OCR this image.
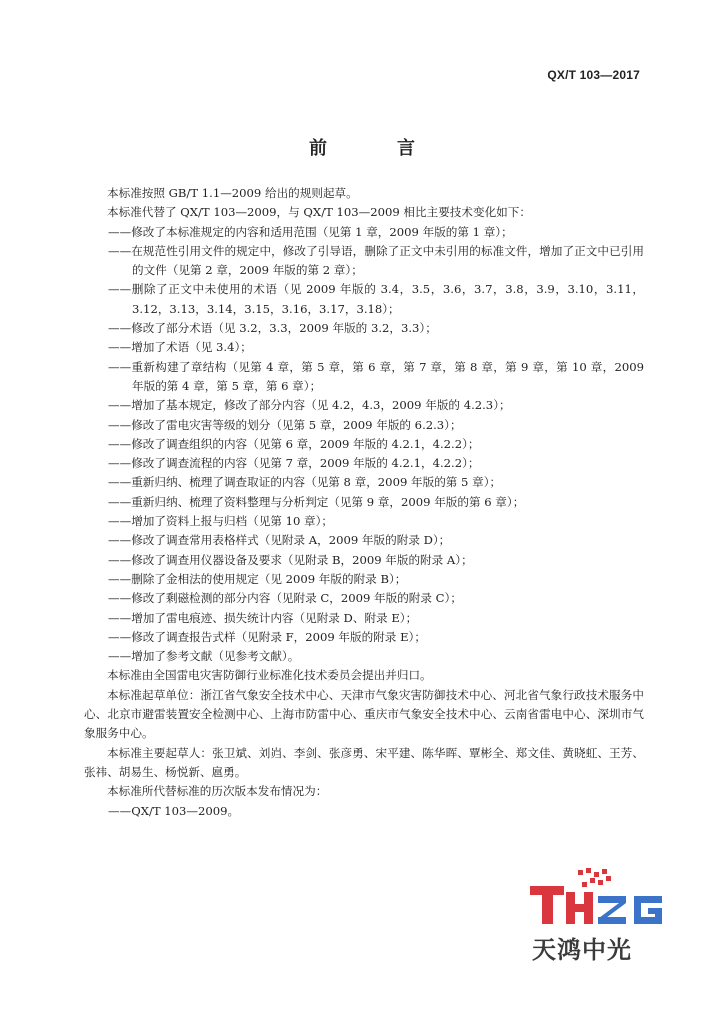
QX/T 103—2017
前　言

本标准按照 GB/T 1.1—2009 给出的规则起草。

本标准代替了 QX/T 103—2009，与 QX/T 103—2009 相比主要技术变化如下：

——修改了本标准规定的内容和适用范围（见第 1 章，2009 年版的第 1 章）；

——在规范性引用文件的规定中，修改了引导语，删除了正文中未引用的标准文件，增加了正文中已引用的文件（见第 2 章，2009 年版的第 2 章）；

——删除了正文中未使用的术语（见 2009 年版的 3.4，3.5，3.6，3.7，3.8，3.9，3.10，3.11，3.12，3.13，3.14，3.15，3.16，3.17，3.18）；

——修改了部分术语（见 3.2，3.3，2009 年版的 3.2，3.3）；

——增加了术语（见 3.4）；

——重新构建了章结构（见第 4 章，第 5 章，第 6 章，第 7 章，第 8 章，第 9 章，第 10 章，2009 年版的第 4 章，第 5 章，第 6 章）；

——增加了基本规定，修改了部分内容（见 4.2，4.3，2009 年版的 4.2.3）；

——修改了雷电灾害等级的划分（见第 5 章，2009 年版的 6.2.3）；

——修改了调查组织的内容（见第 6 章，2009 年版的 4.2.1，4.2.2）；

——修改了调查流程的内容（见第 7 章，2009 年版的 4.2.1，4.2.2）；

——重新归纳、梳理了调查取证的内容（见第 8 章，2009 年版的第 5 章）；

——重新归纳、梳理了资料整理与分析判定（见第 9 章，2009 年版的第 6 章）；

——增加了资料上报与归档（见第 10 章）；

——修改了调查常用表格样式（见附录 A，2009 年版的附录 D）；

——修改了调查用仪器设备及要求（见附录 B，2009 年版的附录 A）；

——删除了金相法的使用规定（见 2009 年版的附录 B）；

——修改了剩磁检测的部分内容（见附录 C，2009 年版的附录 C）；

——增加了雷电痕迹、损失统计内容（见附录 D、附录 E）；

——修改了调查报告式样（见附录 F，2009 年版的附录 E）；

——增加了参考文献（见参考文献）。

本标准由全国雷电灾害防御行业标准化技术委员会提出并归口。

本标准起草单位：浙江省气象安全技术中心、天津市气象灾害防御技术中心、河北省气象行政技术服务中心、北京市避雷装置安全检测中心、上海市防雷中心、重庆市气象安全技术中心、云南省雷电中心、深圳市气象服务中心。

本标准主要起草人：张卫斌、刘岿、李剑、张彦勇、宋平建、陈华晖、覃彬全、郑文佳、黄晓虹、王芳、张祎、胡易生、杨悦新、扈勇。

本标准所代替标准的历次版本发布情况为：

——QX/T 103—2009。

天鸿中光
